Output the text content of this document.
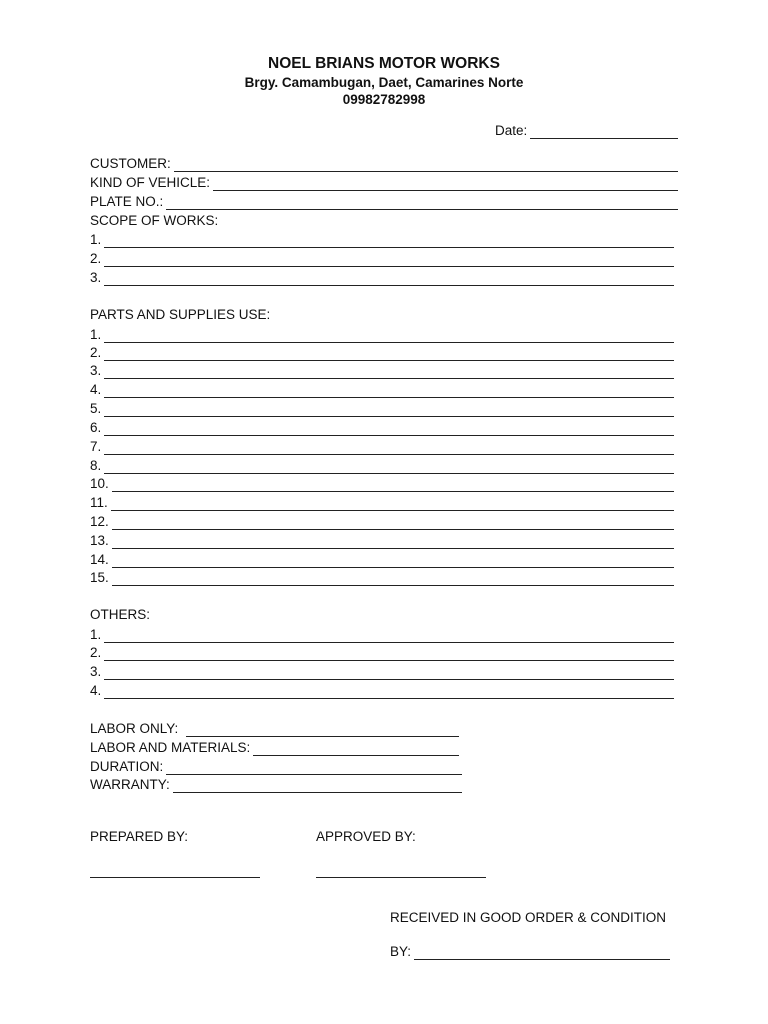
NOEL BRIANS MOTOR WORKS
Brgy. Camambugan, Daet, Camarines Norte
09982782998
Date:
CUSTOMER:
KIND OF VEHICLE:
PLATE NO.:
SCOPE OF WORKS:
1.
2.
3.
PARTS AND SUPPLIES USE:
1.
2.
3.
4.
5.
6.
7.
8.
10.
11.
12.
13.
14.
15.
OTHERS:
1.
2.
3.
4.
LABOR ONLY:
LABOR AND MATERIALS:
DURATION:
WARRANTY:
PREPARED BY:	APPROVED BY:
RECEIVED IN GOOD ORDER & CONDITION
BY:
